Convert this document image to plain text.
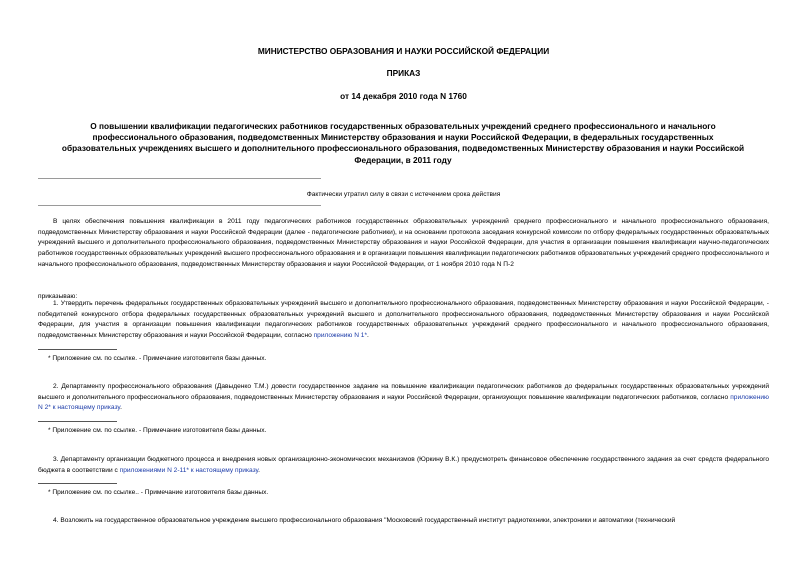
МИНИСТЕРСТВО ОБРАЗОВАНИЯ И НАУКИ РОССИЙСКОЙ ФЕДЕРАЦИИ
ПРИКАЗ
от 14 декабря 2010 года N 1760
О повышении квалификации педагогических работников государственных образовательных учреждений среднего профессионального и начального профессионального образования, подведомственных Министерству образования и науки Российской Федерации, в федеральных государственных образовательных учреждениях высшего и дополнительного профессионального образования, подведомственных Министерству образования и науки Российской Федерации, в 2011 году
Фактически утратил силу в связи с истечением срока действия
В целях обеспечения повышения квалификации в 2011 году педагогических работников государственных образовательных учреждений среднего профессионального и начального профессионального образования, подведомственных Министерству образования и науки Российской Федерации (далее - педагогические работники), и на основании протокола заседания конкурсной комиссии по отбору федеральных государственных образовательных учреждений высшего и дополнительного профессионального образования, подведомственных Министерству образования и науки Российской Федерации, для участия в организации повышения квалификации научно-педагогических работников государственных образовательных учреждений высшего профессионального образования и в организации повышения квалификации педагогических работников образовательных учреждений среднего профессионального и начального профессионального образования, подведомственных Министерству образования и науки Российской Федерации, от 1 ноября 2010 года N П-2
приказываю:
1. Утвердить перечень федеральных государственных образовательных учреждений высшего и дополнительного профессионального образования, подведомственных Министерству образования и науки Российской Федерации, - победителей конкурсного отбора федеральных государственных образовательных учреждений высшего и дополнительного профессионального образования, подведомственных Министерству образования и науки Российской Федерации, для участия в организации повышения квалификации педагогических работников государственных образовательных учреждений среднего профессионального и начального профессионального образования, подведомственных Министерству образования и науки Российской Федерации, согласно приложению N 1*.
* Приложение см. по ссылке. - Примечание изготовителя базы данных.
2. Департаменту профессионального образования (Давыденко Т.М.) довести государственное задание на повышение квалификации педагогических работников до федеральных государственных образовательных учреждений высшего и дополнительного профессионального образования, подведомственных Министерству образования и науки Российской Федерации, организующих повышение квалификации педагогических работников, согласно приложению N 2* к настоящему приказу.
* Приложение см. по ссылке. - Примечание изготовителя базы данных.
3. Департаменту организации бюджетного процесса и внедрения новых организационно-экономических механизмов (Юркину В.К.) предусмотреть финансовое обеспечение государственного задания за счет средств федерального бюджета в соответствии с приложениями N 2-11* к настоящему приказу.
* Приложение см. по ссылке.. - Примечание изготовителя базы данных.
4. Возложить на государственное образовательное учреждение высшего профессионального образования "Московский государственный институт радиотехники, электроники и автоматики (технический
